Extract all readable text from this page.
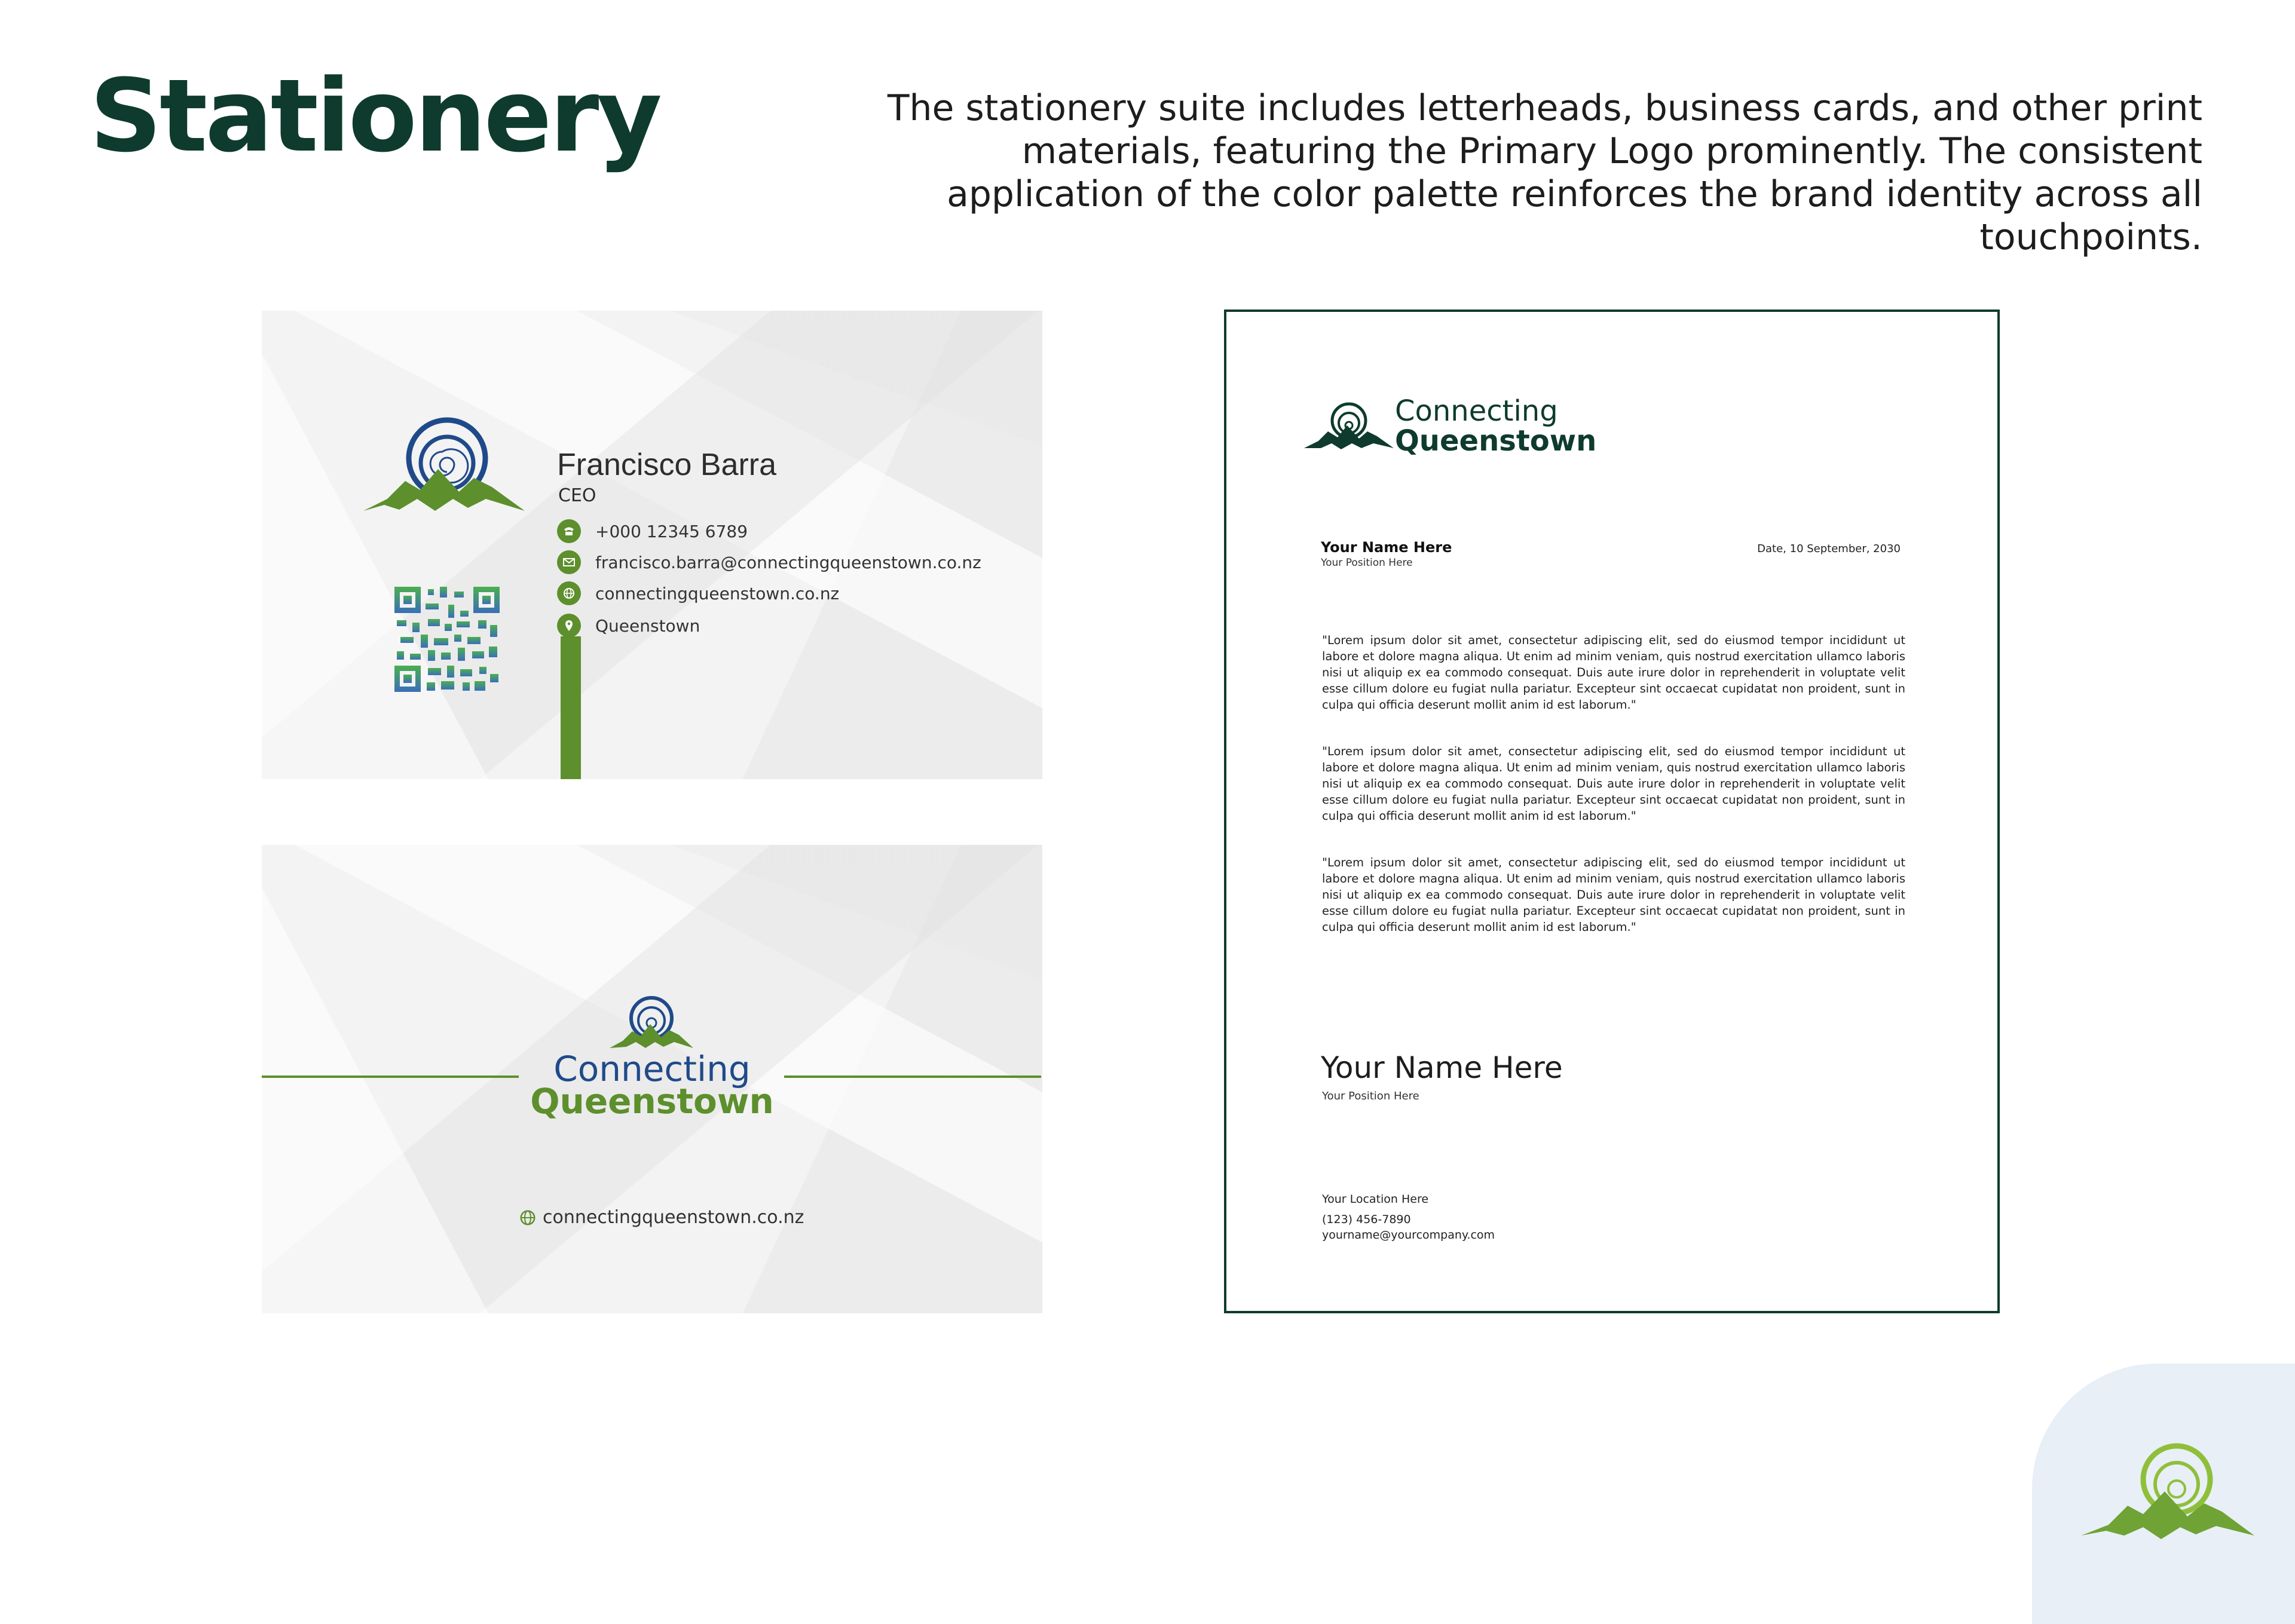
Stationery	The stationery suite includes letterheads, business cards, and other print materials, featuring the Primary Logo prominently. The consistent application of the color palette reinforces the brand identity across all touchpoints.
Francisco Barra
CEO
+000 12345 6789
francisco.barra@connectingqueenstown.co.nz
connectingqueenstown.co.nz
Queenstown
Connecting
Queenstown
connectingqueenstown.co.nz
Connecting
Queenstown
Your Name Here
Your Position Here
Date, 10 September, 2030

"Lorem ipsum dolor sit amet, consectetur adipiscing elit, sed do eiusmod tempor incididunt ut labore et dolore magna aliqua. Ut enim ad minim veniam, quis nostrud exercitation ullamco laboris nisi ut aliquip ex ea commodo consequat. Duis aute irure dolor in reprehenderit in voluptate velit esse cillum dolore eu fugiat nulla pariatur. Excepteur sint occaecat cupidatat non proident, sunt in culpa qui officia deserunt mollit anim id est laborum."

"Lorem ipsum dolor sit amet, consectetur adipiscing elit, sed do eiusmod tempor incididunt ut labore et dolore magna aliqua. Ut enim ad minim veniam, quis nostrud exercitation ullamco laboris nisi ut aliquip ex ea commodo consequat. Duis aute irure dolor in reprehenderit in voluptate velit esse cillum dolore eu fugiat nulla pariatur. Excepteur sint occaecat cupidatat non proident, sunt in culpa qui officia deserunt mollit anim id est laborum."

"Lorem ipsum dolor sit amet, consectetur adipiscing elit, sed do eiusmod tempor incididunt ut labore et dolore magna aliqua. Ut enim ad minim veniam, quis nostrud exercitation ullamco laboris nisi ut aliquip ex ea commodo consequat. Duis aute irure dolor in reprehenderit in voluptate velit esse cillum dolore eu fugiat nulla pariatur. Excepteur sint occaecat cupidatat non proident, sunt in culpa qui officia deserunt mollit anim id est laborum."

Your Name Here
Your Position Here
Your Location Here
(123) 456-7890
yourname@yourcompany.com
